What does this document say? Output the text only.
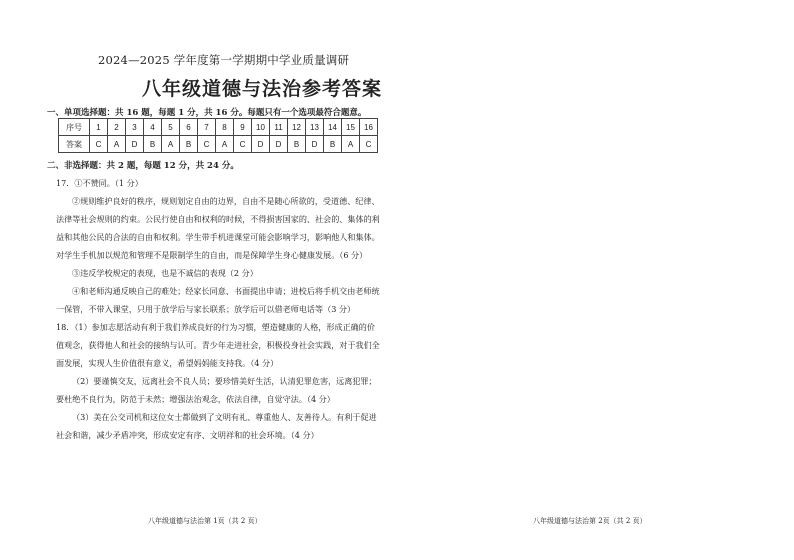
2024—2025 学年度第一学期期中学业质量调研
八年级道德与法治参考答案
一、单项选择题：共 16 题，每题 1 分，共 16 分。每题只有一个选项最符合题意。
序号	1	2	3	4	5	6	7	8	9	10	11	12	13	14	15	16
答案	C	A	D	B	A	B	C	A	C	D	D	B	D	B	A	C
二、非选择题：共 2 题，每题 12 分，共 24 分。
17．①不赞同。（1 分）
②规则维护良好的秩序，规则划定自由的边界，自由不是随心所欲的，受道德、纪律、
法律等社会规则的约束。公民行使自由和权利的时候，不得损害国家的、社会的、集体的利
益和其他公民的合法的自由和权利。学生带手机进课堂可能会影响学习，影响他人和集体。
对学生手机加以规范和管理不是限制学生的自由，而是保障学生身心健康发展。（6 分）
③违反学校规定的表现，也是不诚信的表现（2 分）
④和老师沟通反映自己的难处；经家长同意、书面提出申请；进校后将手机交由老师统
一保管，不带入课堂，只用于放学后与家长联系；放学后可以借老师电话等（3 分）
18．（1）参加志愿活动有利于我们养成良好的行为习惯，塑造健康的人格，形成正确的价
值观念，获得他人和社会的接纳与认可。青少年走进社会，积极投身社会实践，对于我们全
面发展，实现人生价值很有意义，希望妈妈能支持我。（4 分）
（2）要谨慎交友，远离社会不良人员；要珍惜美好生活，认清犯罪危害，远离犯罪；
要杜绝不良行为，防范于未然；增强法治观念，依法自律，自觉守法。（4 分）
（3）美在公交司机和这位女士都做到了文明有礼、尊重他人、友善待人。有利于促进
社会和谐，减少矛盾冲突，形成安定有序、文明祥和的社会环境。（4 分）
八年级道德与法治第 1页（共 2 页）	八年级道德与法治第 2页（共 2 页）
